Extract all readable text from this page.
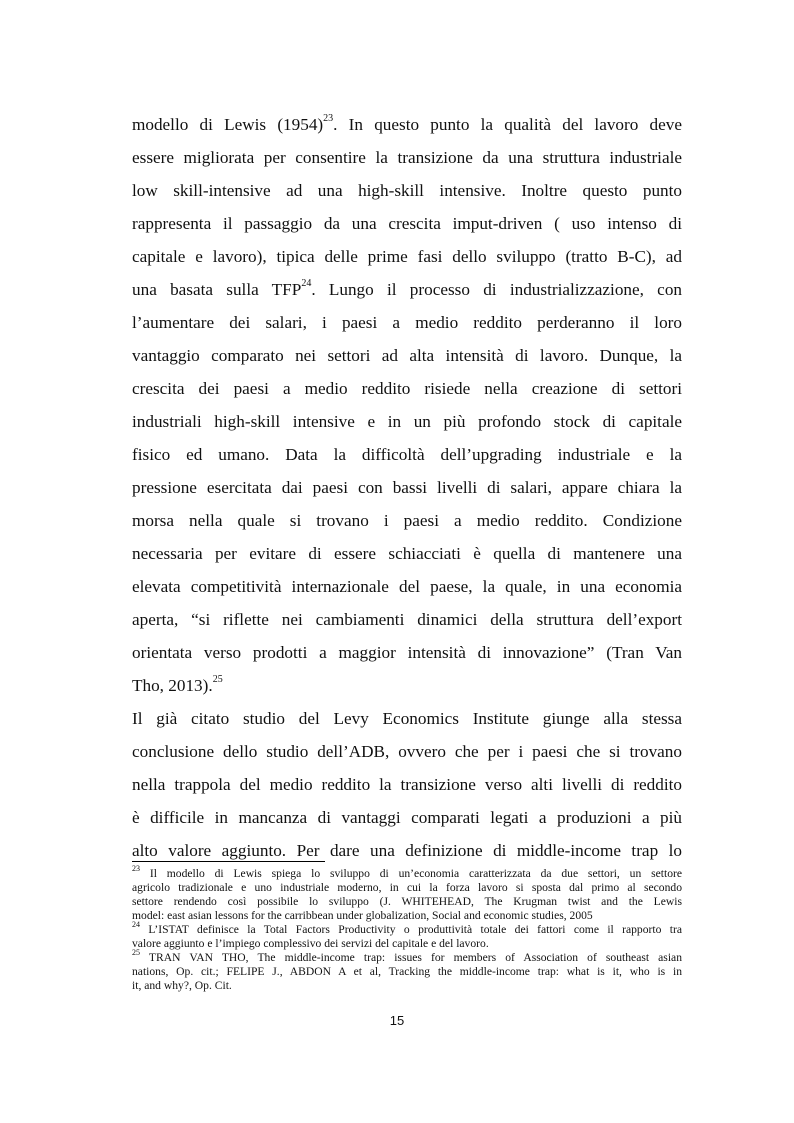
modello di Lewis $(1954)^{23}$. In questo punto la qualità del lavoro deve
essere migliorata per consentire la transizione da una struttura industriale
low skill-intensive ad una high-skill intensive. Inoltre questo punto
rappresenta il passaggio da una crescita imput-driven ( uso intenso di
capitale e lavoro), tipica delle prime fasi dello sviluppo (tratto B-C), ad
una basata sulla TFP$^{24}$. Lungo il processo di industrializzazione, con
l’aumentare dei salari, i paesi a medio reddito perderanno il loro
vantaggio comparato nei settori ad alta intensità di lavoro. Dunque, la
crescita dei paesi a medio reddito risiede nella creazione di settori
industriali high-skill intensive e in un più profondo stock di capitale
fisico ed umano. Data la difficoltà dell’upgrading industriale e la
pressione esercitata dai paesi con bassi livelli di salari, appare chiara la
morsa nella quale si trovano i paesi a medio reddito. Condizione
necessaria per evitare di essere schiacciati è quella di mantenere una
elevata competitività internazionale del paese, la quale, in una economia
aperta, “si riflette nei cambiamenti dinamici della struttura dell’export
orientata verso prodotti a maggior intensità di innovazione” (Tran Van
Tho, 2013).$^{25}$
Il già citato studio del Levy Economics Institute giunge alla stessa
conclusione dello studio dell’ADB, ovvero che per i paesi che si trovano
nella trappola del medio reddito la transizione verso alti livelli di reddito
è difficile in mancanza di vantaggi comparati legati a produzioni a più
alto valore aggiunto. Per dare una definizione di middle-income trap lo
$^{23}$ Il modello di Lewis spiega lo sviluppo di un’economia caratterizzata da due settori, un settore
agricolo tradizionale e uno industriale moderno, in cui la forza lavoro si sposta dal primo al secondo
settore rendendo così possibile lo sviluppo (J. WHITEHEAD, The Krugman twist and the Lewis
model: east asian lessons for the carribbean under globalization, Social and economic studies, 2005
$^{24}$ L’ISTAT definisce la Total Factors Productivity o produttività totale dei fattori come il rapporto tra
valore aggiunto e l’impiego complessivo dei servizi del capitale e del lavoro.
$^{25}$ TRAN VAN THO, The middle-income trap: issues for members of Association of southeast asian
nations, Op. cit.; FELIPE J., ABDON A et al, Tracking the middle-income trap: what is it, who is in
it, and why?, Op. Cit.
15
